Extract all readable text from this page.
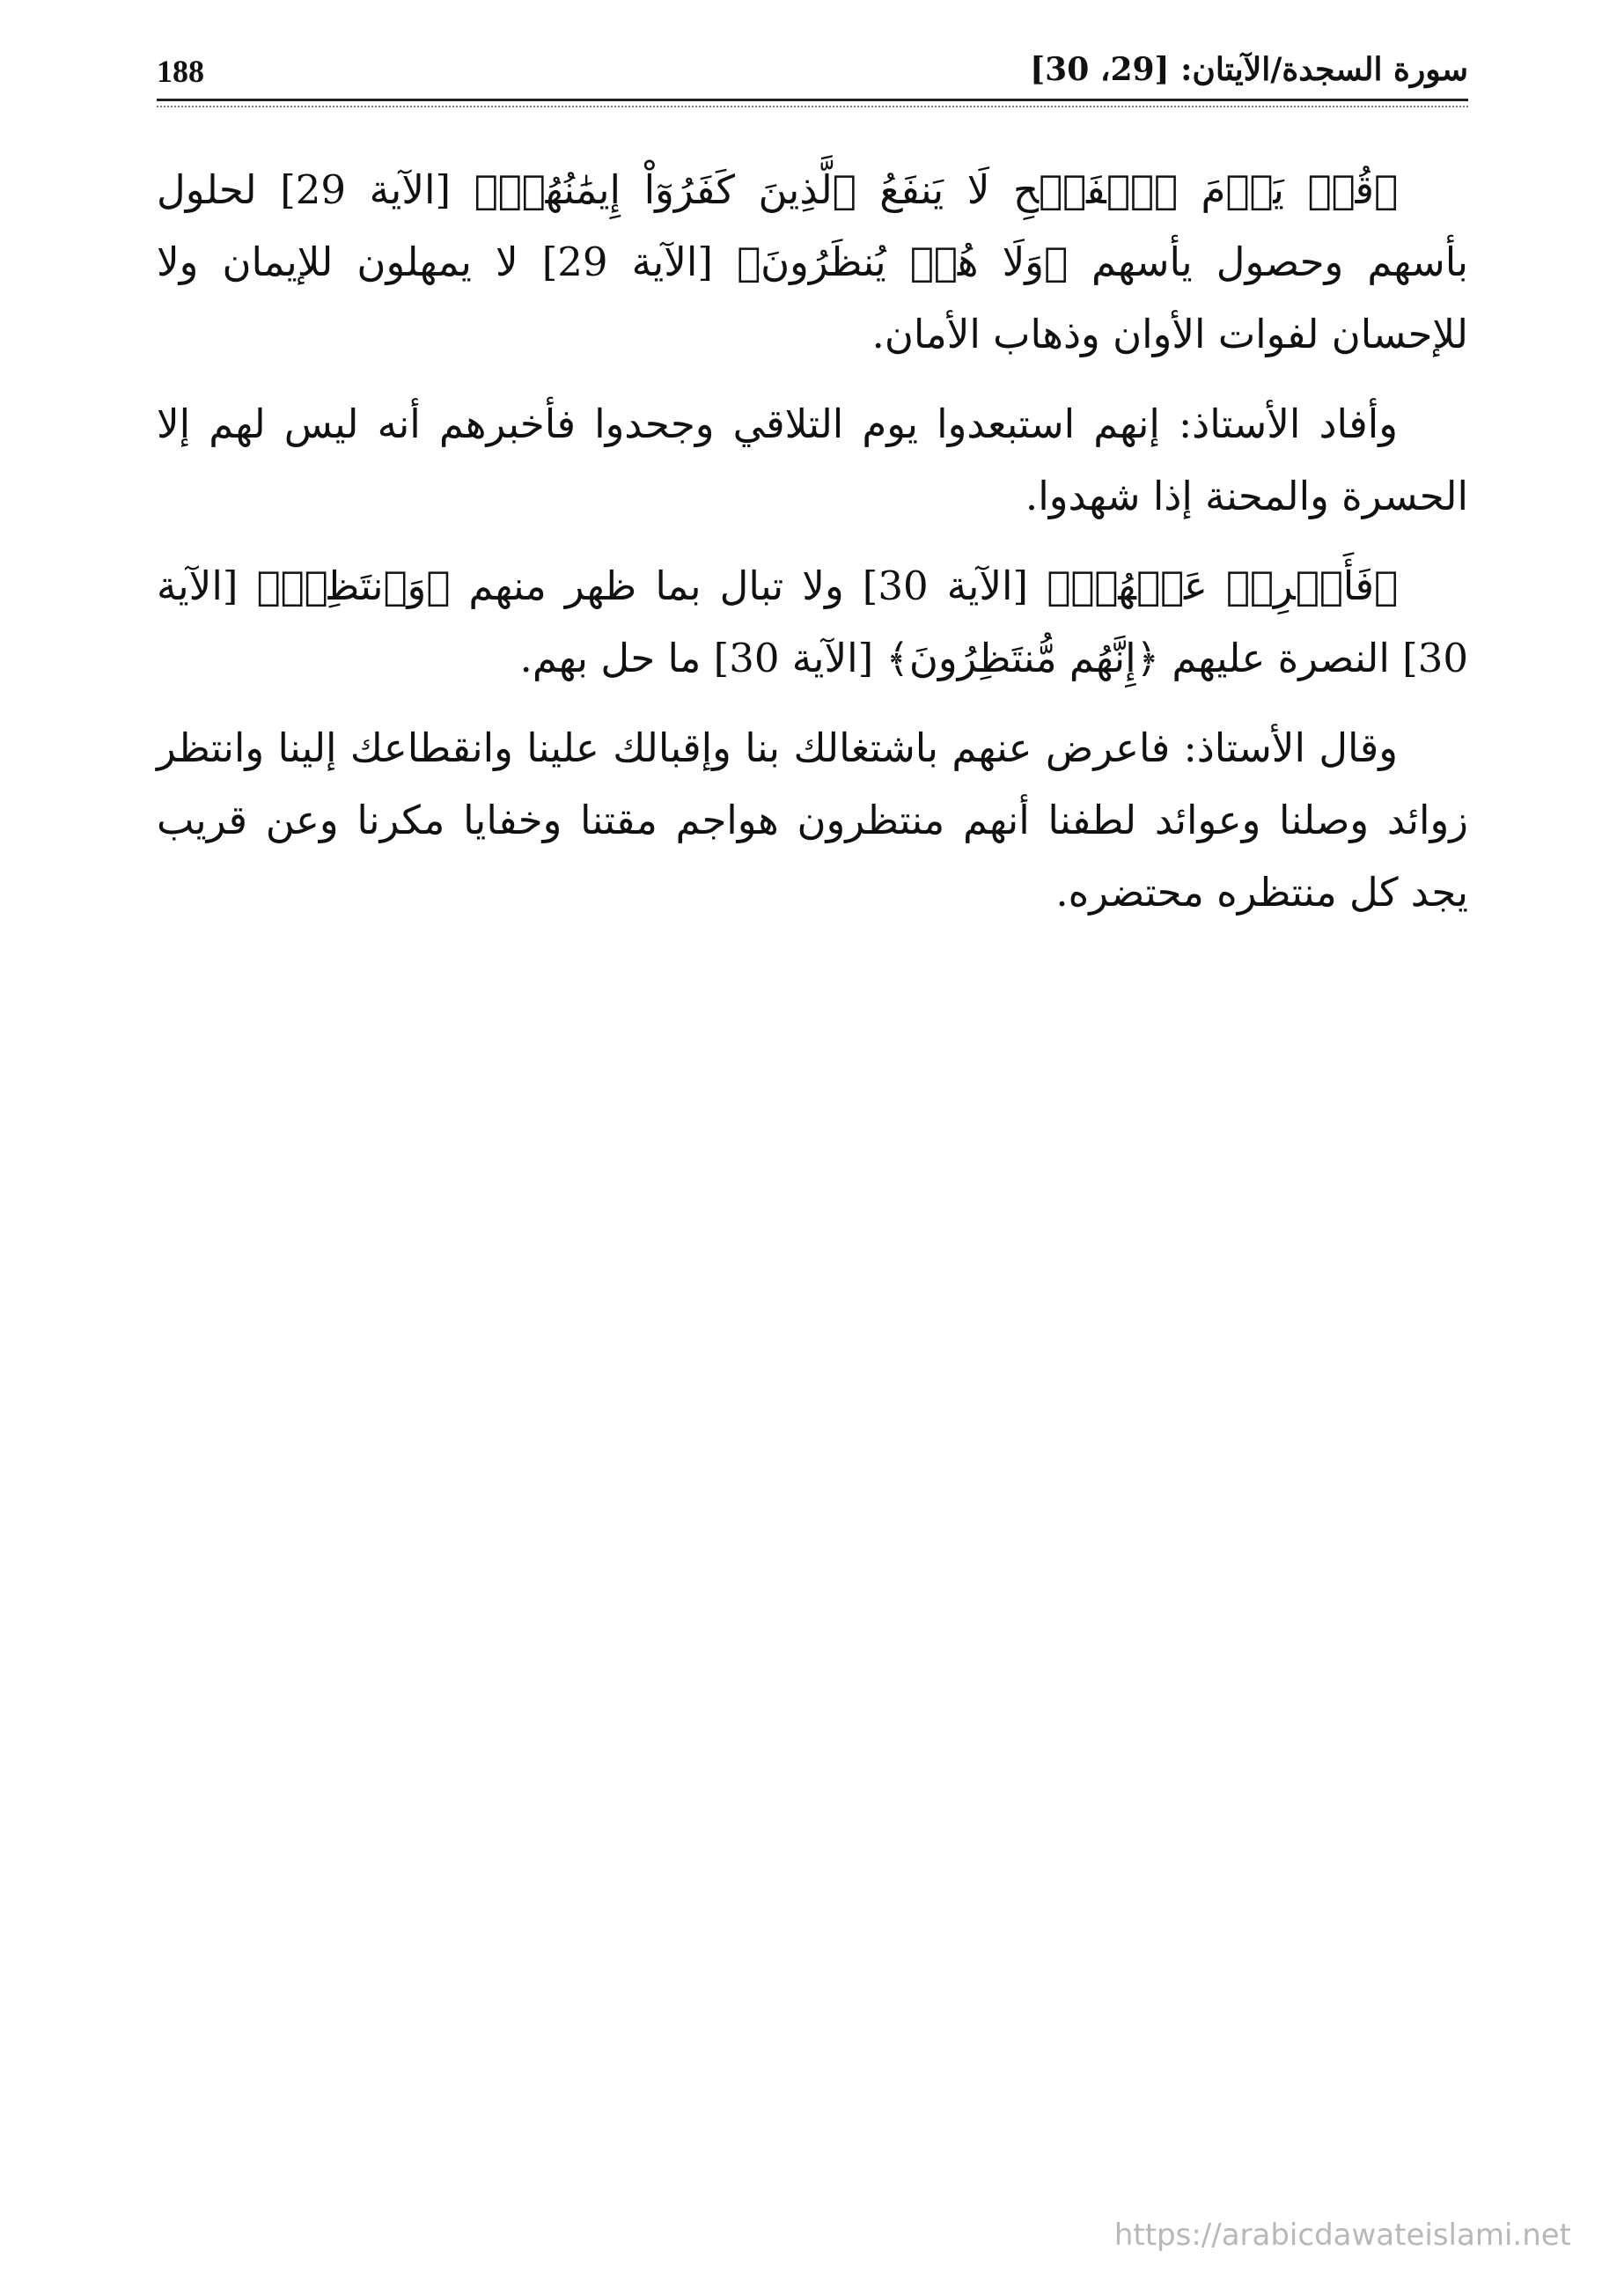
سورة السجدة/الآيتان: [29، 30]
188

﴿قُلۡ يَوۡمَ ٱلۡفَتۡحِ لَا يَنفَعُ ٱلَّذِينَ كَفَرُوٓاْ إِيمَٰنُهُمۡ﴾ [الآية 29] لحلول بأسهم وحصول يأسهم ﴿وَلَا هُمۡ يُنظَرُونَ﴾ [الآية 29] لا يمهلون للإيمان ولا للإحسان لفوات الأوان وذهاب الأمان.

وأفاد الأستاذ: إنهم استبعدوا يوم التلاقي وجحدوا فأخبرهم أنه ليس لهم إلا الحسرة والمحنة إذا شهدوا.

﴿فَأَعۡرِضۡ عَنۡهُمۡ﴾ [الآية 30] ولا تبال بما ظهر منهم ﴿وَٱنتَظِرۡ﴾ [الآية 30] النصرة عليهم ﴿إِنَّهُم مُّنتَظِرُونَ﴾ [الآية 30] ما حل بهم.

وقال الأستاذ: فاعرض عنهم باشتغالك بنا وإقبالك علينا وانقطاعك إلينا وانتظر زوائد وصلنا وعوائد لطفنا أنهم منتظرون هواجم مقتنا وخفايا مكرنا وعن قريب يجد كل منتظره محتضره.

https://arabicdawateislami.net
